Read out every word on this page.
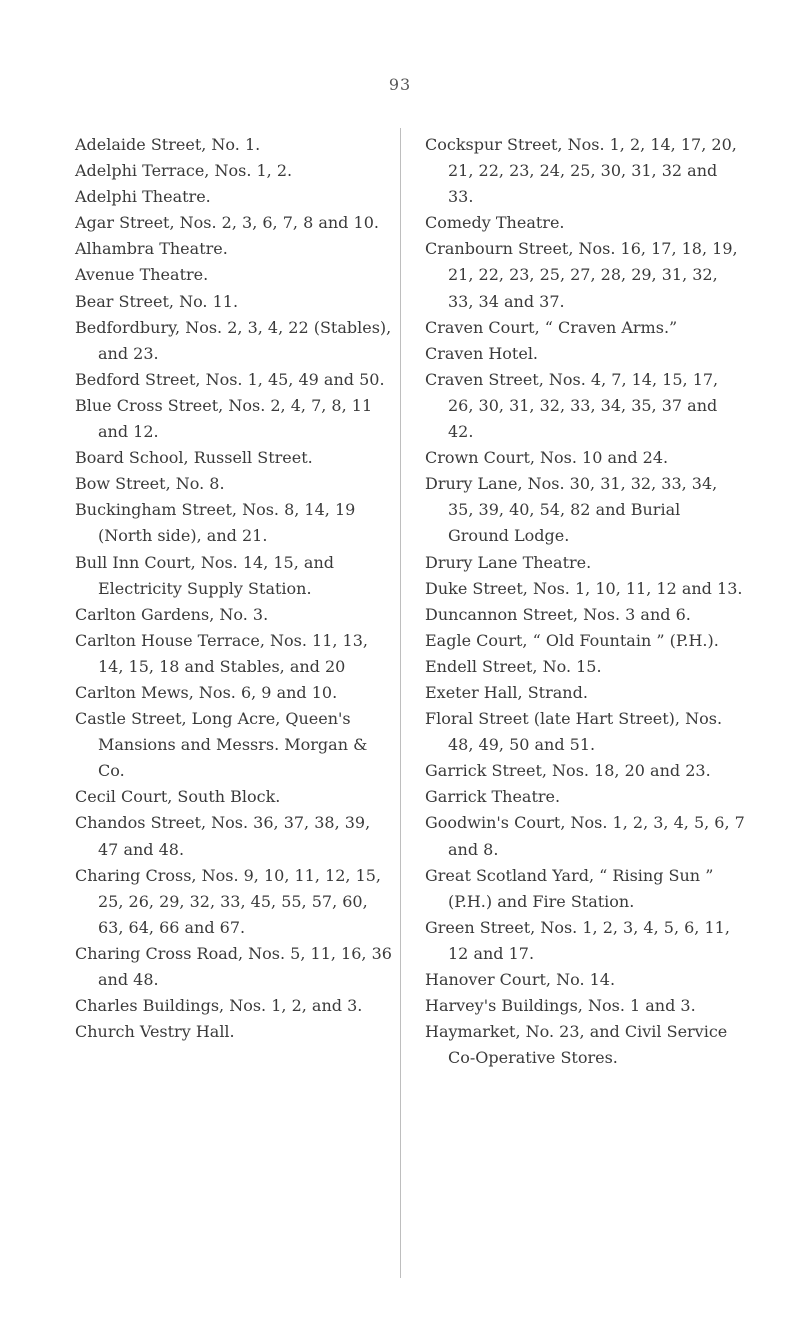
93
Adelaide Street, No. 1.
Adelphi Terrace, Nos. 1, 2.
Adelphi Theatre.
Agar Street, Nos. 2, 3, 6, 7, 8 and 10.
Alhambra Theatre.
Avenue Theatre.
Bear Street, No. 11.
Bedfordbury, Nos. 2, 3, 4, 22 (Stables), and 23.
Bedford Street, Nos. 1, 45, 49 and 50.
Blue Cross Street, Nos. 2, 4, 7, 8, 11 and 12.
Board School, Russell Street.
Bow Street, No. 8.
Buckingham Street, Nos. 8, 14, 19 (North side), and 21.
Bull Inn Court, Nos. 14, 15, and Electricity Supply Station.
Carlton Gardens, No. 3.
Carlton House Terrace, Nos. 11, 13, 14, 15, 18 and Stables, and 20
Carlton Mews, Nos. 6, 9 and 10.
Castle Street, Long Acre, Queen's Mansions and Messrs. Morgan & Co.
Cecil Court, South Block.
Chandos Street, Nos. 36, 37, 38, 39, 47 and 48.
Charing Cross, Nos. 9, 10, 11, 12, 15, 25, 26, 29, 32, 33, 45, 55, 57, 60, 63, 64, 66 and 67.
Charing Cross Road, Nos. 5, 11, 16, 36 and 48.
Charles Buildings, Nos. 1, 2, and 3.
Church Vestry Hall.
Cockspur Street, Nos. 1, 2, 14, 17, 20, 21, 22, 23, 24, 25, 30, 31, 32 and 33.
Comedy Theatre.
Cranbourn Street, Nos. 16, 17, 18, 19, 21, 22, 23, 25, 27, 28, 29, 31, 32, 33, 34 and 37.
Craven Court, “ Craven Arms.”
Craven Hotel.
Craven Street, Nos. 4, 7, 14, 15, 17, 26, 30, 31, 32, 33, 34, 35, 37 and 42.
Crown Court, Nos. 10 and 24.
Drury Lane, Nos. 30, 31, 32, 33, 34, 35, 39, 40, 54, 82 and Burial Ground Lodge.
Drury Lane Theatre.
Duke Street, Nos. 1, 10, 11, 12 and 13.
Duncannon Street, Nos. 3 and 6.
Eagle Court, “ Old Fountain ” (P.H.).
Endell Street, No. 15.
Exeter Hall, Strand.
Floral Street (late Hart Street), Nos. 48, 49, 50 and 51.
Garrick Street, Nos. 18, 20 and 23.
Garrick Theatre.
Goodwin's Court, Nos. 1, 2, 3, 4, 5, 6, 7 and 8.
Great Scotland Yard, “ Rising Sun ” (P.H.) and Fire Station.
Green Street, Nos. 1, 2, 3, 4, 5, 6, 11, 12 and 17.
Hanover Court, No. 14.
Harvey's Buildings, Nos. 1 and 3.
Haymarket, No. 23, and Civil Service Co-Operative Stores.
